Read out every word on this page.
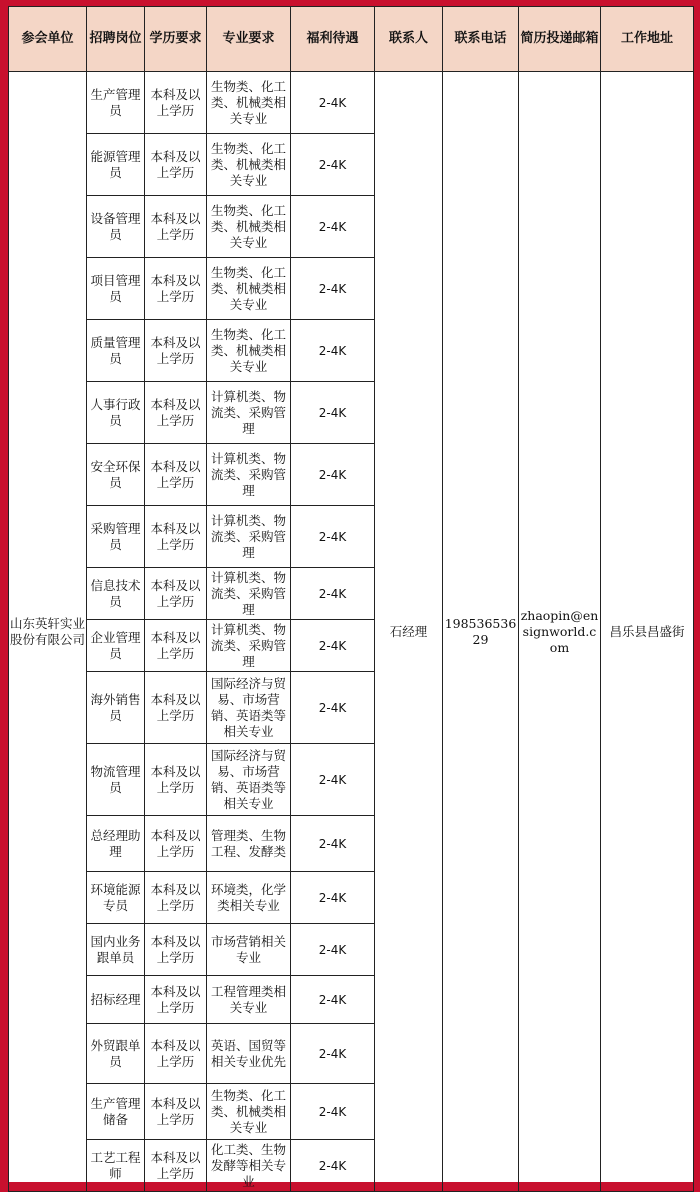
参会单位	招聘岗位	学历要求	专业要求	福利待遇	联系人	联系电话	简历投递邮箱	工作地址
山东英轩实业股份有限公司	生产管理员	本科及以上学历	生物类、化工类、机械类相关专业	2-4K	石经理	19853653629	zhaopin@ensignworld.com	昌乐县昌盛街
	能源管理员	本科及以上学历	生物类、化工类、机械类相关专业	2-4K				
	设备管理员	本科及以上学历	生物类、化工类、机械类相关专业	2-4K				
	项目管理员	本科及以上学历	生物类、化工类、机械类相关专业	2-4K				
	质量管理员	本科及以上学历	生物类、化工类、机械类相关专业	2-4K				
	人事行政员	本科及以上学历	计算机类、物流类、采购管理	2-4K				
	安全环保员	本科及以上学历	计算机类、物流类、采购管理	2-4K				
	采购管理员	本科及以上学历	计算机类、物流类、采购管理	2-4K				
	信息技术员	本科及以上学历	计算机类、物流类、采购管理	2-4K				
	企业管理员	本科及以上学历	计算机类、物流类、采购管理	2-4K				
	海外销售员	本科及以上学历	国际经济与贸易、市场营销、英语类等相关专业	2-4K				
	物流管理员	本科及以上学历	国际经济与贸易、市场营销、英语类等相关专业	2-4K				
	总经理助理	本科及以上学历	管理类、生物工程、发酵类	2-4K				
	环境能源专员	本科及以上学历	环境类，化学类相关专业	2-4K				
	国内业务跟单员	本科及以上学历	市场营销相关专业	2-4K				
	招标经理	本科及以上学历	工程管理类相关专业	2-4K				
	外贸跟单员	本科及以上学历	英语、国贸等相关专业优先	2-4K				
	生产管理储备	本科及以上学历	生物类、化工类、机械类相关专业	2-4K				
	工艺工程师	本科及以上学历	化工类、生物发酵等相关专业	2-4K				
